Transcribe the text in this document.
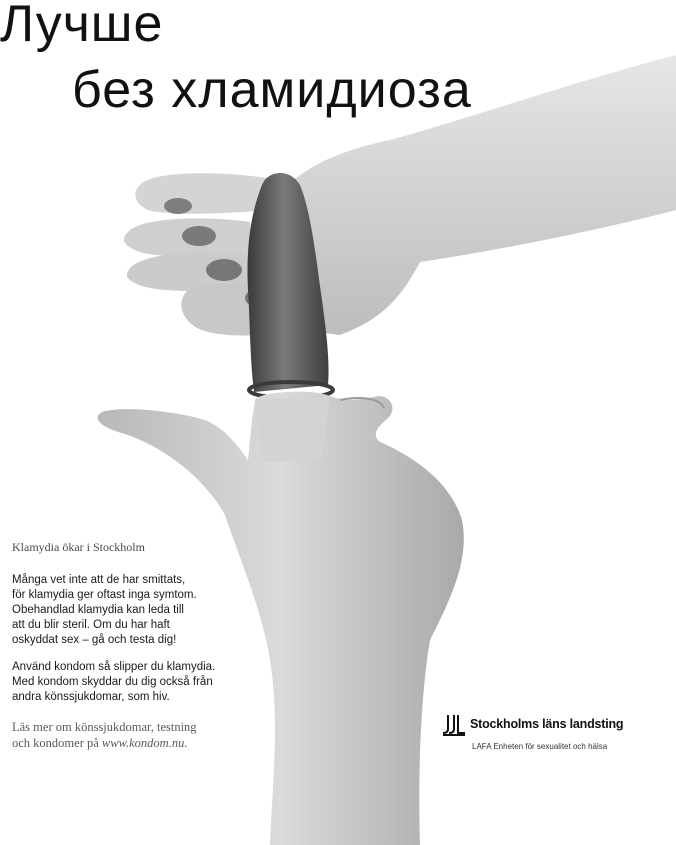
Лучше
без хламидиоза
Klamydia ökar i Stockholm
Många vet inte att de har smittats,
för klamydia ger oftast inga symtom.
Obehandlad klamydia kan leda till
att du blir steril. Om du har haft
oskyddat sex – gå och testa dig!
Använd kondom så slipper du klamydia.
Med kondom skyddar du dig också från
andra könssjukdomar, som hiv.
Läs mer om könssjukdomar, testning
och kondomer på www.kondom.nu.
Stockholms läns landsting
LAFA Enheten för sexualitet och hälsa
